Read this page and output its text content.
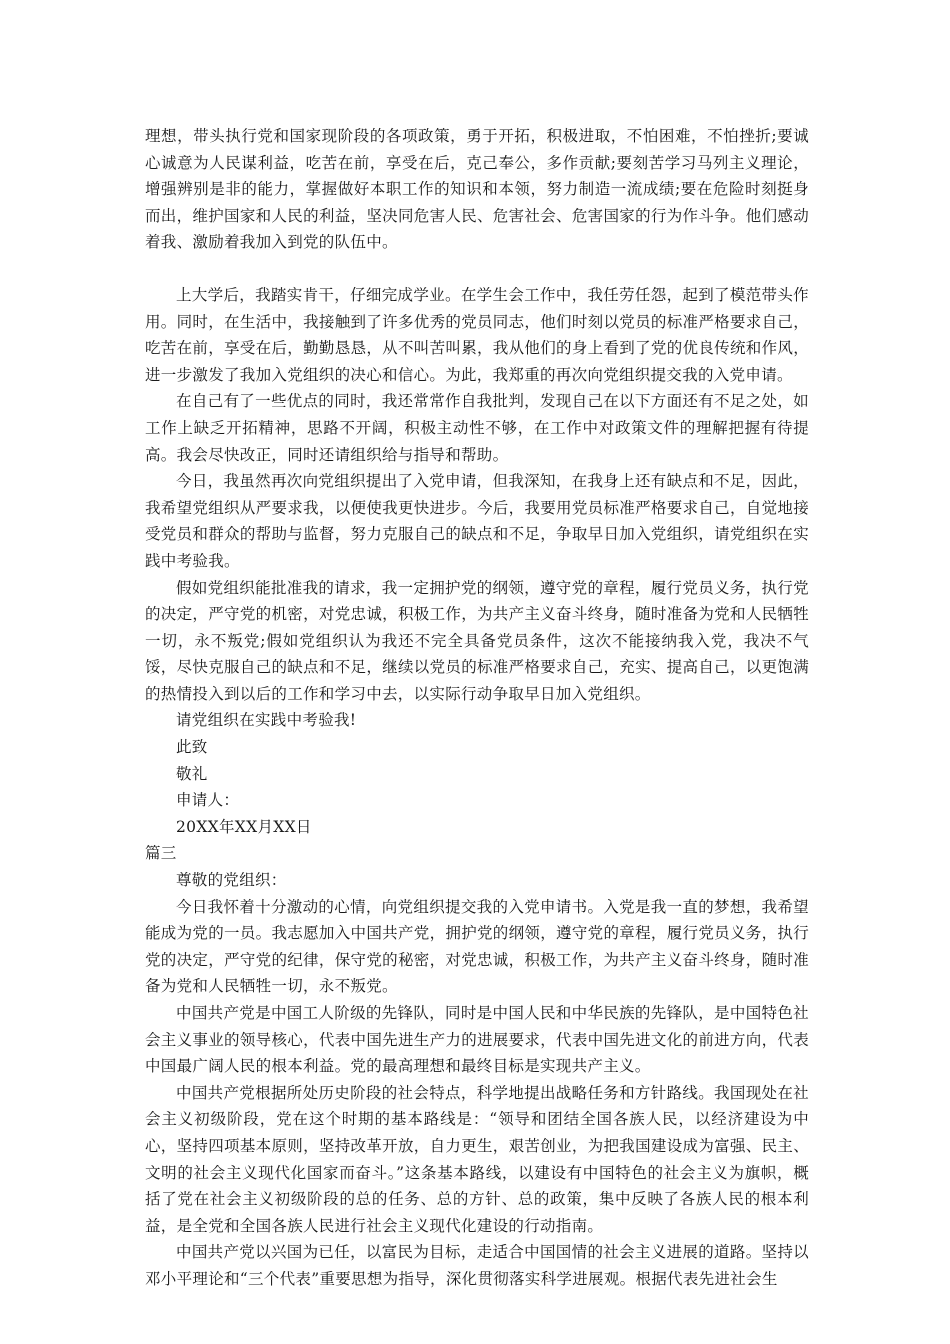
理想，带头执行党和国家现阶段的各项政策，勇于开拓，积极进取，不怕困难，不怕挫折;要诚心诚意为人民谋利益，吃苦在前，享受在后，克己奉公，多作贡献;要刻苦学习马列主义理论，增强辨别是非的能力，掌握做好本职工作的知识和本领，努力制造一流成绩;要在危险时刻挺身而出，维护国家和人民的利益，坚决同危害人民、危害社会、危害国家的行为作斗争。他们感动着我、激励着我加入到党的队伍中。

上大学后，我踏实肯干，仔细完成学业。在学生会工作中，我任劳任怨，起到了模范带头作用。同时，在生活中，我接触到了许多优秀的党员同志，他们时刻以党员的标准严格要求自己，吃苦在前，享受在后，勤勤恳恳，从不叫苦叫累，我从他们的身上看到了党的优良传统和作风，进一步激发了我加入党组织的决心和信心。为此，我郑重的再次向党组织提交我的入党申请。

在自己有了一些优点的同时，我还常常作自我批判，发现自己在以下方面还有不足之处，如工作上缺乏开拓精神，思路不开阔，积极主动性不够，在工作中对政策文件的理解把握有待提高。我会尽快改正，同时还请组织给与指导和帮助。

今日，我虽然再次向党组织提出了入党申请，但我深知，在我身上还有缺点和不足，因此，我希望党组织从严要求我，以便使我更快进步。今后，我要用党员标准严格要求自己，自觉地接受党员和群众的帮助与监督，努力克服自己的缺点和不足，争取早日加入党组织，请党组织在实践中考验我。

假如党组织能批准我的请求，我一定拥护党的纲领，遵守党的章程，履行党员义务，执行党的决定，严守党的机密，对党忠诚，积极工作，为共产主义奋斗终身，随时准备为党和人民牺牲一切，永不叛党;假如党组织认为我还不完全具备党员条件，这次不能接纳我入党，我决不气馁，尽快克服自己的缺点和不足，继续以党员的标准严格要求自己，充实、提高自己，以更饱满的热情投入到以后的工作和学习中去，以实际行动争取早日加入党组织。

请党组织在实践中考验我!

此致

敬礼

申请人：

20XX年XX月XX日

篇三

尊敬的党组织：

今日我怀着十分激动的心情，向党组织提交我的入党申请书。入党是我一直的梦想，我希望能成为党的一员。我志愿加入中国共产党，拥护党的纲领，遵守党的章程，履行党员义务，执行党的决定，严守党的纪律，保守党的秘密，对党忠诚，积极工作，为共产主义奋斗终身，随时准备为党和人民牺牲一切，永不叛党。

中国共产党是中国工人阶级的先锋队，同时是中国人民和中华民族的先锋队，是中国特色社会主义事业的领导核心，代表中国先进生产力的进展要求，代表中国先进文化的前进方向，代表中国最广阔人民的根本利益。党的最高理想和最终目标是实现共产主义。

中国共产党根据所处历史阶段的社会特点，科学地提出战略任务和方针路线。我国现处在社会主义初级阶段，党在这个时期的基本路线是：“领导和团结全国各族人民，以经济建设为中心，坚持四项基本原则，坚持改革开放，自力更生，艰苦创业，为把我国建设成为富强、民主、文明的社会主义现代化国家而奋斗。”这条基本路线，以建设有中国特色的社会主义为旗帜，概括了党在社会主义初级阶段的总的任务、总的方针、总的政策，集中反映了各族人民的根本利益，是全党和全国各族人民进行社会主义现代化建设的行动指南。

中国共产党以兴国为已任，以富民为目标，走适合中国国情的社会主义进展的道路。坚持以邓小平理论和“三个代表”重要思想为指导，深化贯彻落实科学进展观。根据代表先进社会生
